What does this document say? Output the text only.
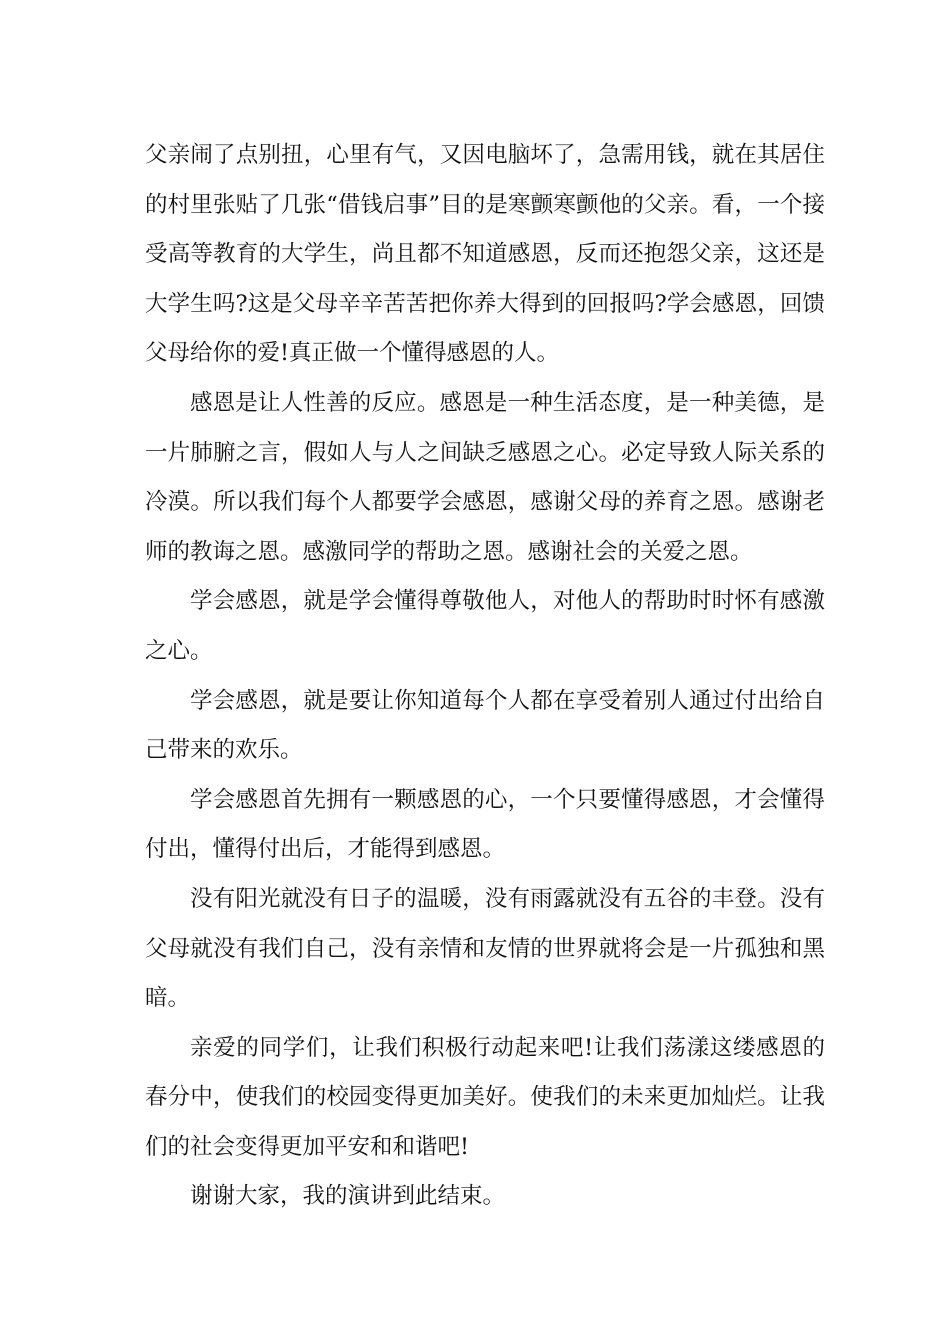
父亲闹了点别扭，心里有气，又因电脑坏了，急需用钱，就在其居住的村里张贴了几张“借钱启事”目的是寒颤寒颤他的父亲。看，一个接受高等教育的大学生，尚且都不知道感恩，反而还抱怨父亲，这还是大学生吗?这是父母辛辛苦苦把你养大得到的回报吗?学会感恩，回馈父母给你的爱!真正做一个懂得感恩的人。

感恩是让人性善的反应。感恩是一种生活态度，是一种美德，是一片肺腑之言，假如人与人之间缺乏感恩之心。必定导致人际关系的冷漠。所以我们每个人都要学会感恩，感谢父母的养育之恩。感谢老师的教诲之恩。感激同学的帮助之恩。感谢社会的关爱之恩。

学会感恩，就是学会懂得尊敬他人，对他人的帮助时时怀有感激之心。

学会感恩，就是要让你知道每个人都在享受着别人通过付出给自己带来的欢乐。

学会感恩首先拥有一颗感恩的心，一个只要懂得感恩，才会懂得付出，懂得付出后，才能得到感恩。

没有阳光就没有日子的温暖，没有雨露就没有五谷的丰登。没有父母就没有我们自己，没有亲情和友情的世界就将会是一片孤独和黑暗。

亲爱的同学们，让我们积极行动起来吧!让我们荡漾这缕感恩的春分中，使我们的校园变得更加美好。使我们的未来更加灿烂。让我们的社会变得更加平安和和谐吧!

谢谢大家，我的演讲到此结束。
